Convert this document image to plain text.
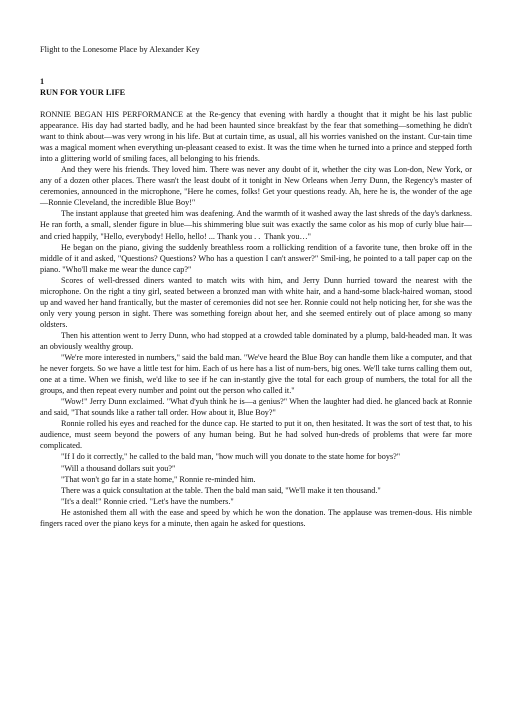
Flight to the Lonesome Place by Alexander Key
1
RUN FOR YOUR LIFE

RONNIE BEGAN HIS PERFORMANCE at the Re-gency that evening with hardly a thought that it might be his last public appearance. His day had started badly, and he had been haunted since breakfast by the fear that something—something he didn't want to think about—was very wrong in his life. But at curtain time, as usual, all his worries vanished on the instant. Cur-tain time was a magical moment when everything un-pleasant ceased to exist. It was the time when he turned into a prince and stepped forth into a glittering world of smiling faces, all belonging to his friends.

And they were his friends. They loved him. There was never any doubt of it, whether the city was Lon-don, New York, or any of a dozen other places. There wasn't the least doubt of it tonight in New Orleans when Jerry Dunn, the Regency's master of ceremonies, announced in the microphone, "Here he comes, folks! Get your questions ready. Ah, here he is, the wonder of the age—Ronnie Cleveland, the incredible Blue Boy!"

The instant applause that greeted him was deafening. And the warmth of it washed away the last shreds of the day's darkness. He ran forth, a small, slender figure in blue—his shimmering blue suit was exactly the same color as his mop of curly blue hair—and cried happily, "Hello, everybody! Hello, hello! ... Thank you . .  Thank you…"

He began on the piano, giving the suddenly breathless room a rollicking rendition of a favorite tune, then broke off in the middle of it and asked, "Questions? Questions? Who has a question I can't answer?" Smil-ing, he pointed to a tall paper cap on the piano. "Who'll make me wear the dunce cap?"

Scores of well-dressed diners wanted to match wits with him, and Jerry Dunn hurried toward the nearest with the microphone. On the right a tiny girl, seated between a bronzed man with white hair, and a hand-some black-haired woman, stood up and waved her hand frantically, but the master of ceremonies did not see her. Ronnie could not help noticing her, for she was the only very young person in sight. There was something foreign about her, and she seemed entirely out of place among so many oldsters.

Then his attention went to Jerry Dunn, who had stopped at a crowded table dominated by a plump, bald-headed man. It was an obviously wealthy group.

"We're more interested in numbers," said the bald man. "We've heard the Blue Boy can handle them like a computer, and that he never forgets. So we have a little test for him. Each of us here has a list of num-bers, big ones. We'll take turns calling them out, one at a time. When we finish, we'd like to see if he can in-stantly give the total for each group of numbers, the total for all the groups, and then repeat every number and point out the person who called it."

"Wow!" Jerry Dunn exclaimed. "What d'yuh think he is—a genius?" When the laughter had died. he glanced back at Ronnie and said, "That sounds like a rather tall order. How about it, Blue Boy?"

Ronnie rolled his eyes and reached for the dunce cap. He started to put it on, then hesitated. It was the sort of test that, to his audience, must seem beyond the powers of any human being. But he had solved hun-dreds of problems that were far more complicated.

"If I do it correctly," he called to the bald man, "how much will you donate to the state home for boys?"

"Will a thousand dollars suit you?"

"That won't go far in a state home," Ronnie re-minded him.

There was a quick consultation at the table. Then the bald man said, "We'll make it ten thousand."

"It's a deal!" Ronnie cried. "Let's have the numbers."

He astonished them all with the ease and speed by which he won the donation. The applause was tremen-dous. His nimble fingers raced over the piano keys for a minute, then again he asked for questions.
